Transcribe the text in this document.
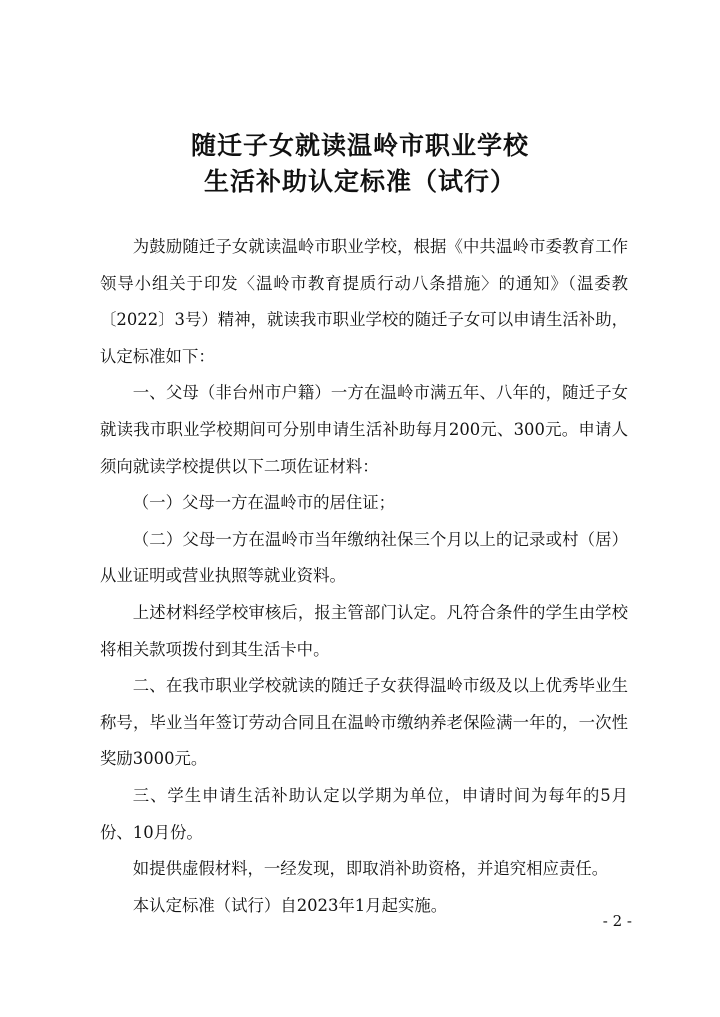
随迁子女就读温岭市职业学校
生活补助认定标准（试行）

为鼓励随迁子女就读温岭市职业学校，根据《中共温岭市委教育工作领导小组关于印发〈温岭市教育提质行动八条措施〉的通知》（温委教〔2022〕3号）精神，就读我市职业学校的随迁子女可以申请生活补助，认定标准如下：

一、父母（非台州市户籍）一方在温岭市满五年、八年的，随迁子女就读我市职业学校期间可分别申请生活补助每月200元、300元。申请人须向就读学校提供以下二项佐证材料：

（一）父母一方在温岭市的居住证；

（二）父母一方在温岭市当年缴纳社保三个月以上的记录或村（居）从业证明或营业执照等就业资料。

上述材料经学校审核后，报主管部门认定。凡符合条件的学生由学校将相关款项拨付到其生活卡中。

二、在我市职业学校就读的随迁子女获得温岭市级及以上优秀毕业生称号，毕业当年签订劳动合同且在温岭市缴纳养老保险满一年的，一次性奖励3000元。

三、学生申请生活补助认定以学期为单位，申请时间为每年的5月份、10月份。

如提供虚假材料，一经发现，即取消补助资格，并追究相应责任。

本认定标准（试行）自2023年1月起实施。

- 2 -
